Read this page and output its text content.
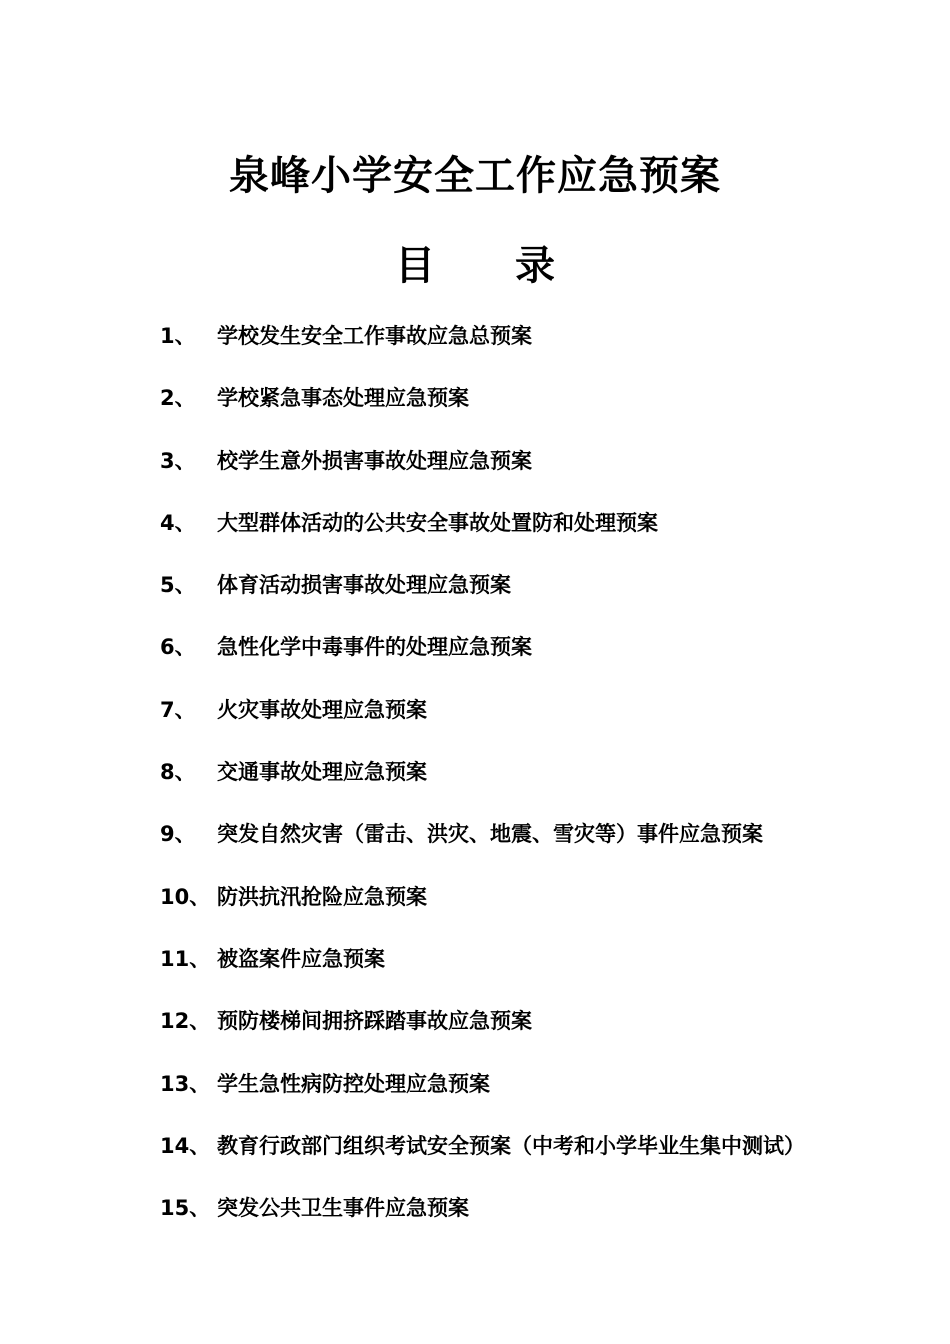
泉峰小学安全工作应急预案
目 录
1、	学校发生安全工作事故应急总预案
2、	学校紧急事态处理应急预案
3、	校学生意外损害事故处理应急预案
4、	大型群体活动的公共安全事故处置防和处理预案
5、	体育活动损害事故处理应急预案
6、	急性化学中毒事件的处理应急预案
7、	火灾事故处理应急预案
8、	交通事故处理应急预案
9、	突发自然灾害（雷击、洪灾、地震、雪灾等）事件应急预案
10、 防洪抗汛抢险应急预案
11、 被盗案件应急预案
12、 预防楼梯间拥挤踩踏事故应急预案
13、 学生急性病防控处理应急预案
14、 教育行政部门组织考试安全预案（中考和小学毕业生集中测试）
15、 突发公共卫生事件应急预案
